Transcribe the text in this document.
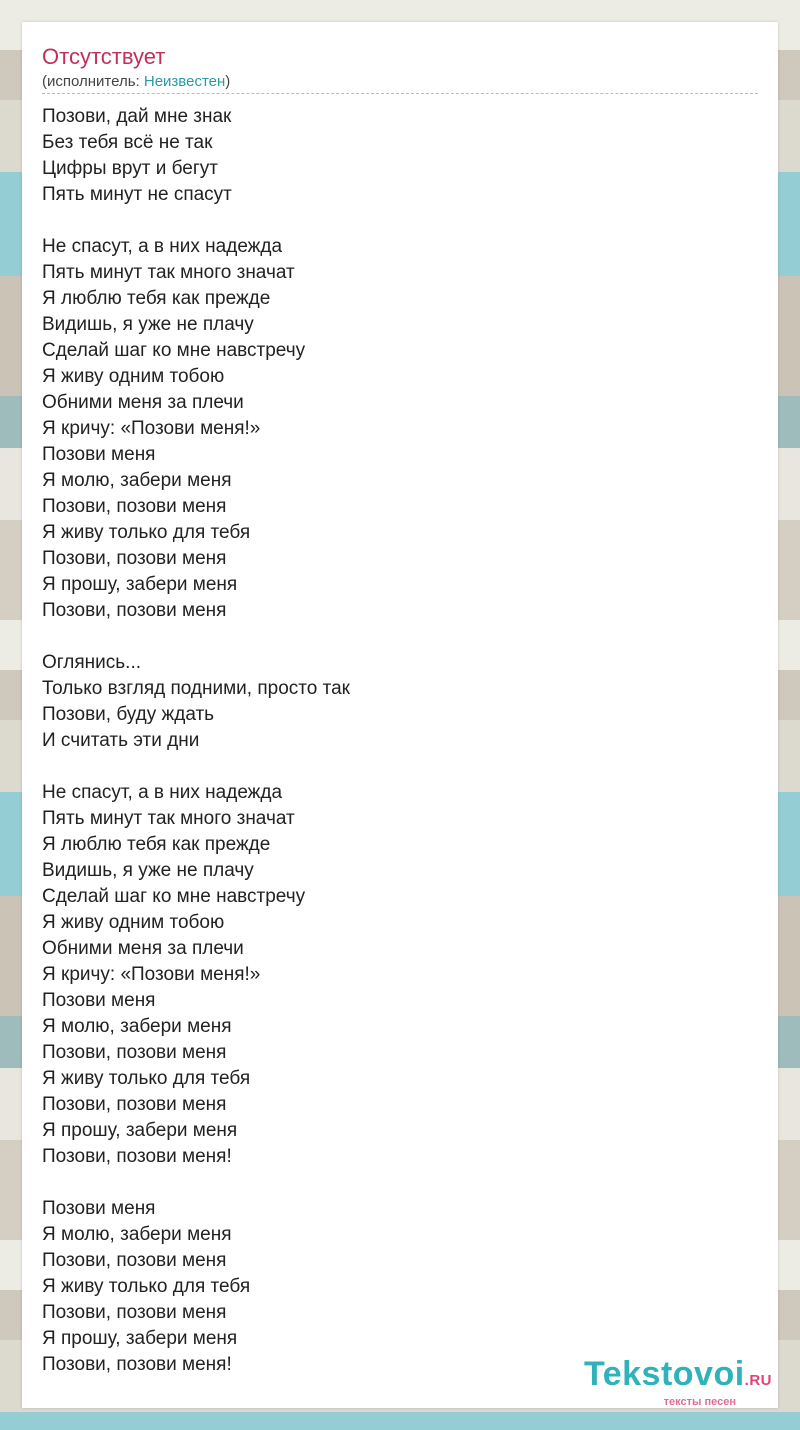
Отсутствует
(исполнитель: Неизвестен)
Позови, дай мне знак
Без тебя всё не так
Цифры врут и бегут
Пять минут не спасут
Не спасут, а в них надежда
Пять минут так много значат
Я люблю тебя как прежде
Видишь, я уже не плачу
Сделай шаг ко мне навстречу
Я живу одним тобою
Обними меня за плечи
Я кричу: «Позови меня!»
Позови меня
Я молю, забери меня
Позови, позови меня
Я живу только для тебя
Позови, позови меня
Я прошу, забери меня
Позови, позови меня
Оглянись...
Только взгляд подними, просто так
Позови, буду ждать
И считать эти дни
Не спасут, а в них надежда
Пять минут так много значат
Я люблю тебя как прежде
Видишь, я уже не плачу
Сделай шаг ко мне навстречу
Я живу одним тобою
Обними меня за плечи
Я кричу: «Позови меня!»
Позови меня
Я молю, забери меня
Позови, позови меня
Я живу только для тебя
Позови, позови меня
Я прошу, забери меня
Позови, позови меня!
Позови меня
Я молю, забери меня
Позови, позови меня
Я живу только для тебя
Позови, позови меня
Я прошу, забери меня
Позови, позови меня!	Tekstovoi.RU
тексты песен
